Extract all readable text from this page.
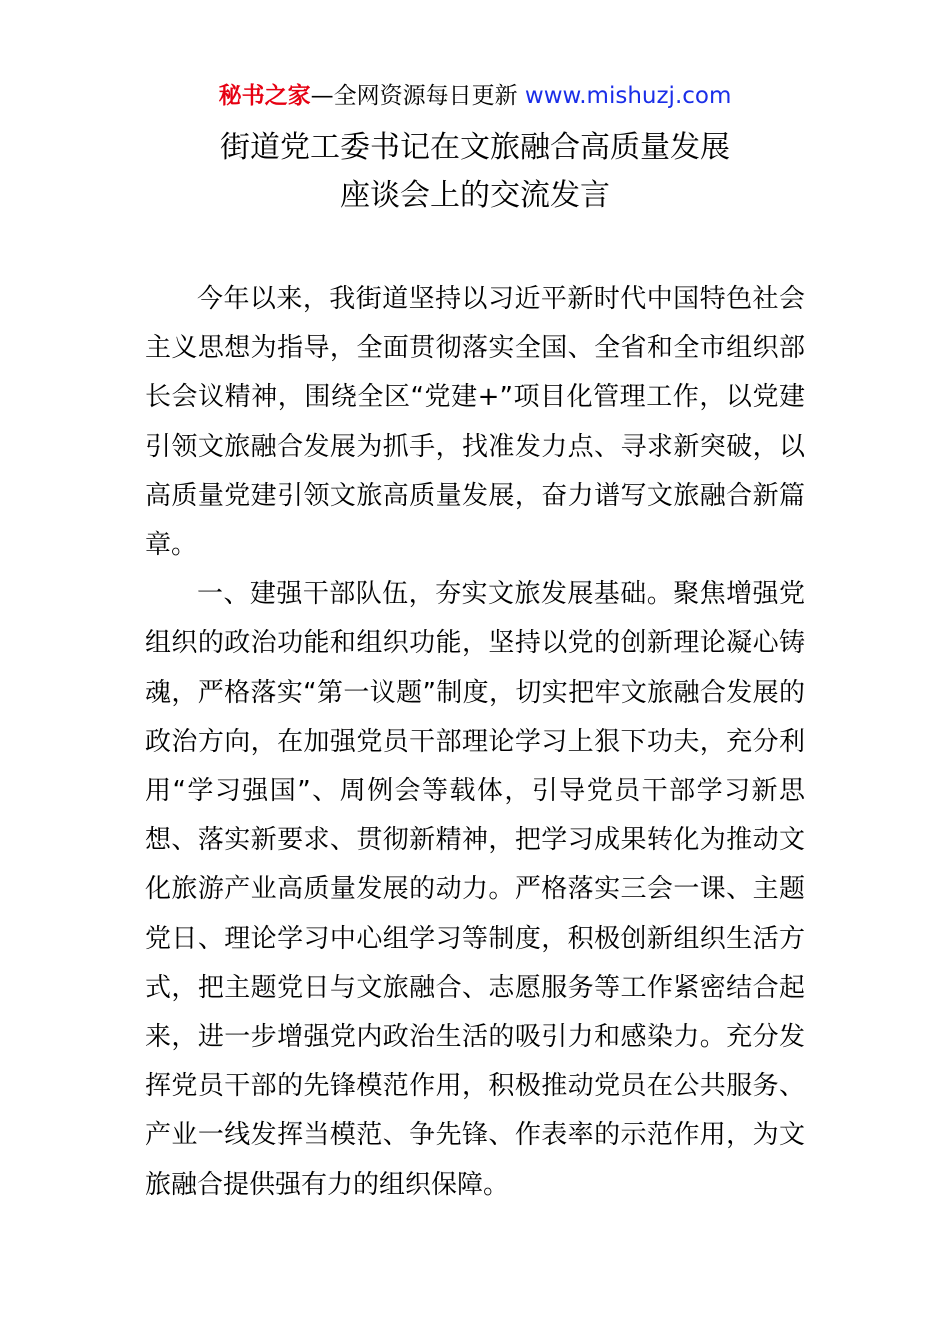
秘书之家—全网资源每日更新 www.mishuzj.com
街道党工委书记在文旅融合高质量发展
座谈会上的交流发言

今年以来，我街道坚持以习近平新时代中国特色社会主义思想为指导，全面贯彻落实全国、全省和全市组织部长会议精神，围绕全区“党建+”项目化管理工作，以党建引领文旅融合发展为抓手，找准发力点、寻求新突破，以高质量党建引领文旅高质量发展，奋力谱写文旅融合新篇章。

一、建强干部队伍，夯实文旅发展基础。聚焦增强党组织的政治功能和组织功能，坚持以党的创新理论凝心铸魂，严格落实“第一议题”制度，切实把牢文旅融合发展的政治方向，在加强党员干部理论学习上狠下功夫，充分利用“学习强国”、周例会等载体，引导党员干部学习新思想、落实新要求、贯彻新精神，把学习成果转化为推动文化旅游产业高质量发展的动力。严格落实三会一课、主题党日、理论学习中心组学习等制度，积极创新组织生活方式，把主题党日与文旅融合、志愿服务等工作紧密结合起来，进一步增强党内政治生活的吸引力和感染力。充分发挥党员干部的先锋模范作用，积极推动党员在公共服务、产业一线发挥当模范、争先锋、作表率的示范作用，为文旅融合提供强有力的组织保障。
